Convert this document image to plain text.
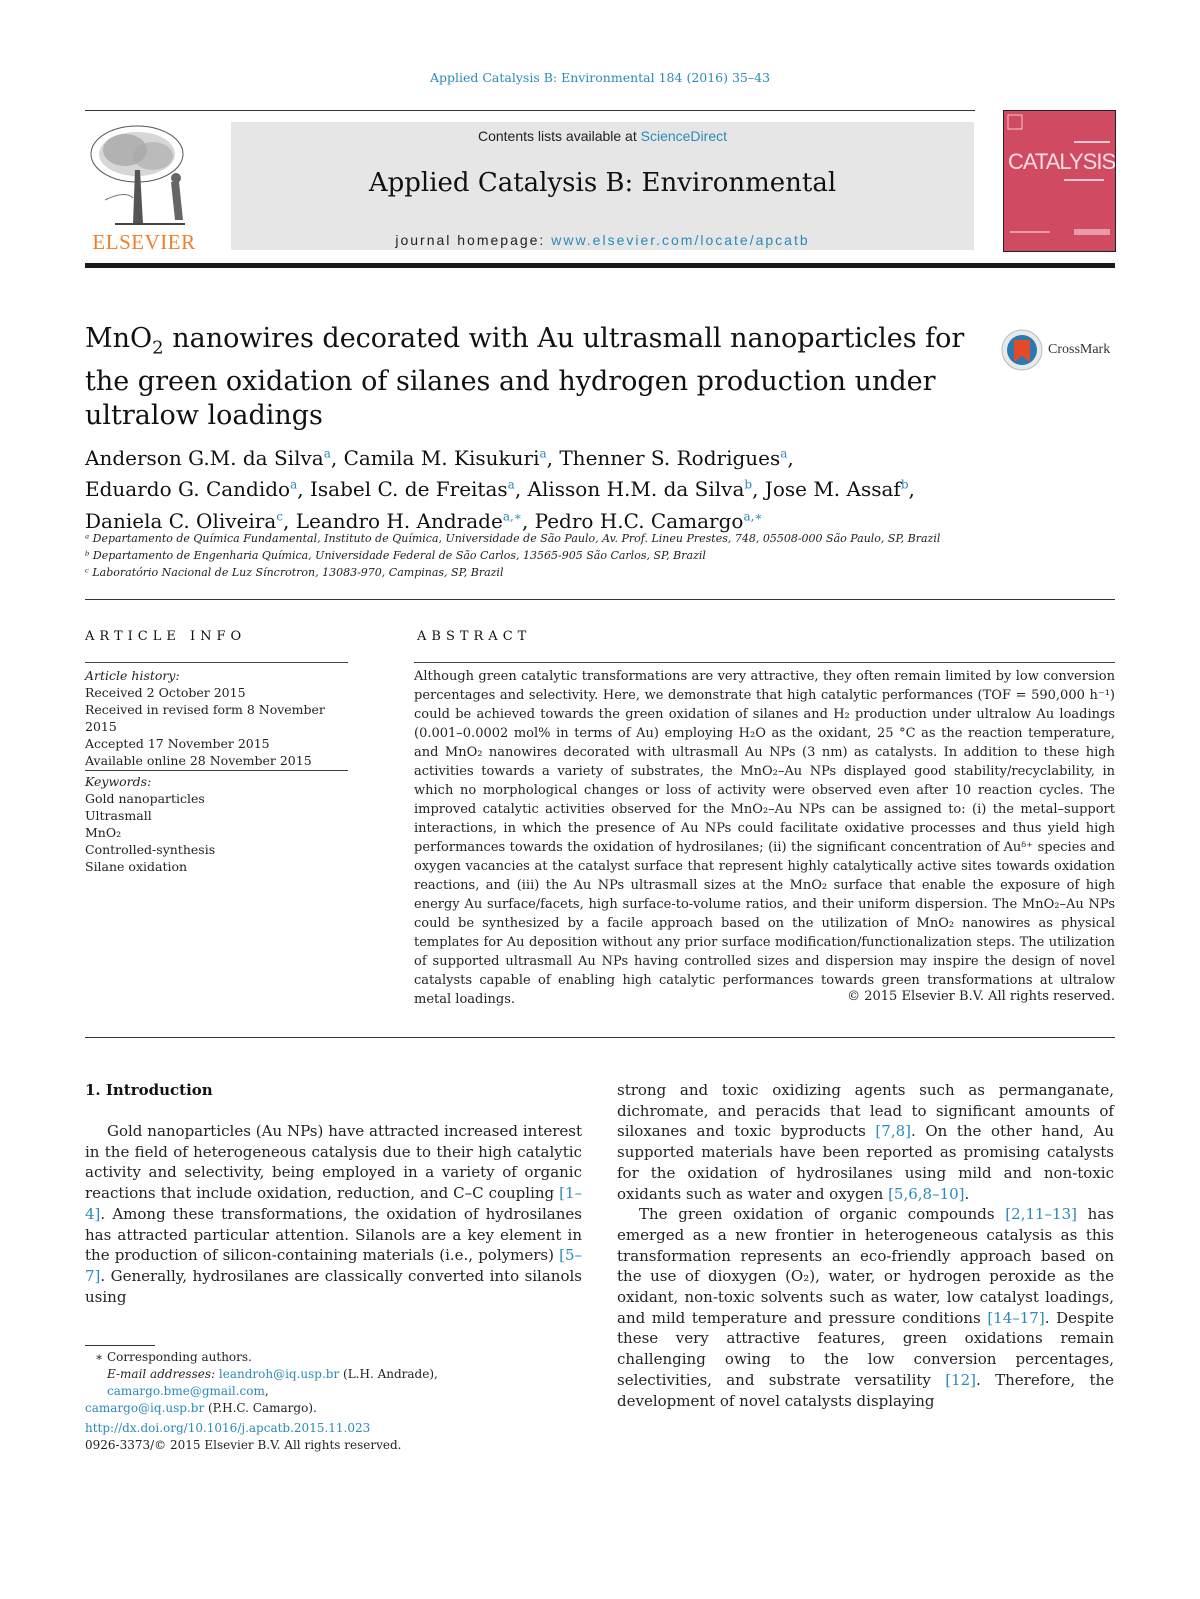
Applied Catalysis B: Environmental 184 (2016) 35–43
ELSEVIER
Contents lists available at ScienceDirect
Applied Catalysis B: Environmental
journal homepage: www.elsevier.com/locate/apcatb
CATALYSIS
MnO$_2$ nanowires decorated with Au ultrasmall nanoparticles for the green oxidation of silanes and hydrogen production under ultralow loadings
CrossMark
Anderson G.M. da Silva$^a$, Camila M. Kisukuri$^a$, Thenner S. Rodrigues$^a$,
Eduardo G. Candido$^a$, Isabel C. de Freitas$^a$, Alisson H.M. da Silva$^b$, Jose M. Assaf$^b$,
Daniela C. Oliveira$^c$, Leandro H. Andrade$^{a,∗}$, Pedro H.C. Camargo$^{a,∗}$
ᵃ Departamento de Química Fundamental, Instituto de Química, Universidade de São Paulo, Av. Prof. Lineu Prestes, 748, 05508-000 São Paulo, SP, Brazil
ᵇ Departamento de Engenharia Química, Universidade Federal de São Carlos, 13565-905 São Carlos, SP, Brazil
ᶜ Laboratório Nacional de Luz Síncrotron, 13083-970, Campinas, SP, Brazil
ARTICLE INFO	ABSTRACT
Article history:
Received 2 October 2015
Received in revised form 8 November 2015
Accepted 17 November 2015
Available online 28 November 2015
Keywords:
Gold nanoparticles
Ultrasmall
MnO₂
Controlled-synthesis
Silane oxidation
Although green catalytic transformations are very attractive, they often remain limited by low conversion percentages and selectivity. Here, we demonstrate that high catalytic performances (TOF = 590,000 h⁻¹) could be achieved towards the green oxidation of silanes and H₂ production under ultralow Au loadings (0.001–0.0002 mol% in terms of Au) employing H₂O as the oxidant, 25 °C as the reaction temperature, and MnO₂ nanowires decorated with ultrasmall Au NPs (3 nm) as catalysts. In addition to these high activities towards a variety of substrates, the MnO₂–Au NPs displayed good stability/recyclability, in which no morphological changes or loss of activity were observed even after 10 reaction cycles. The improved catalytic activities observed for the MnO₂–Au NPs can be assigned to: (i) the metal–support interactions, in which the presence of Au NPs could facilitate oxidative processes and thus yield high performances towards the oxidation of hydrosilanes; (ii) the significant concentration of Auᵟ⁺ species and oxygen vacancies at the catalyst surface that represent highly catalytically active sites towards oxidation reactions, and (iii) the Au NPs ultrasmall sizes at the MnO₂ surface that enable the exposure of high energy Au surface/facets, high surface-to-volume ratios, and their uniform dispersion. The MnO₂–Au NPs could be synthesized by a facile approach based on the utilization of MnO₂ nanowires as physical templates for Au deposition without any prior surface modification/functionalization steps. The utilization of supported ultrasmall Au NPs having controlled sizes and dispersion may inspire the design of novel catalysts capable of enabling high catalytic performances towards green transformations at ultralow metal loadings.	© 2015 Elsevier B.V. All rights reserved.
1. Introduction

Gold nanoparticles (Au NPs) have attracted increased interest in the field of heterogeneous catalysis due to their high catalytic activity and selectivity, being employed in a variety of organic reactions that include oxidation, reduction, and C–C coupling [1–4]. Among these transformations, the oxidation of hydrosilanes has attracted particular attention. Silanols are a key element in the production of silicon-containing materials (i.e., polymers) [5–7]. Generally, hydrosilanes are classically converted into silanols using

strong and toxic oxidizing agents such as permanganate, dichromate, and peracids that lead to significant amounts of siloxanes and toxic byproducts [7,8]. On the other hand, Au supported materials have been reported as promising catalysts for the oxidation of hydrosilanes using mild and non-toxic oxidants such as water and oxygen [5,6,8–10].

The green oxidation of organic compounds [2,11–13] has emerged as a new frontier in heterogeneous catalysis as this transformation represents an eco-friendly approach based on the use of dioxygen (O₂), water, or hydrogen peroxide as the oxidant, non-toxic solvents such as water, low catalyst loadings, and mild temperature and pressure conditions [14–17]. Despite these very attractive features, green oxidations remain challenging owing to the low conversion percentages, selectivities, and substrate versatility [12]. Therefore, the development of novel catalysts displaying

∗ Corresponding authors.
E-mail addresses: leandroh@iq.usp.br (L.H. Andrade), camargo.bme@gmail.com,
camargo@iq.usp.br (P.H.C. Camargo).
http://dx.doi.org/10.1016/j.apcatb.2015.11.023
0926-3373/© 2015 Elsevier B.V. All rights reserved.
